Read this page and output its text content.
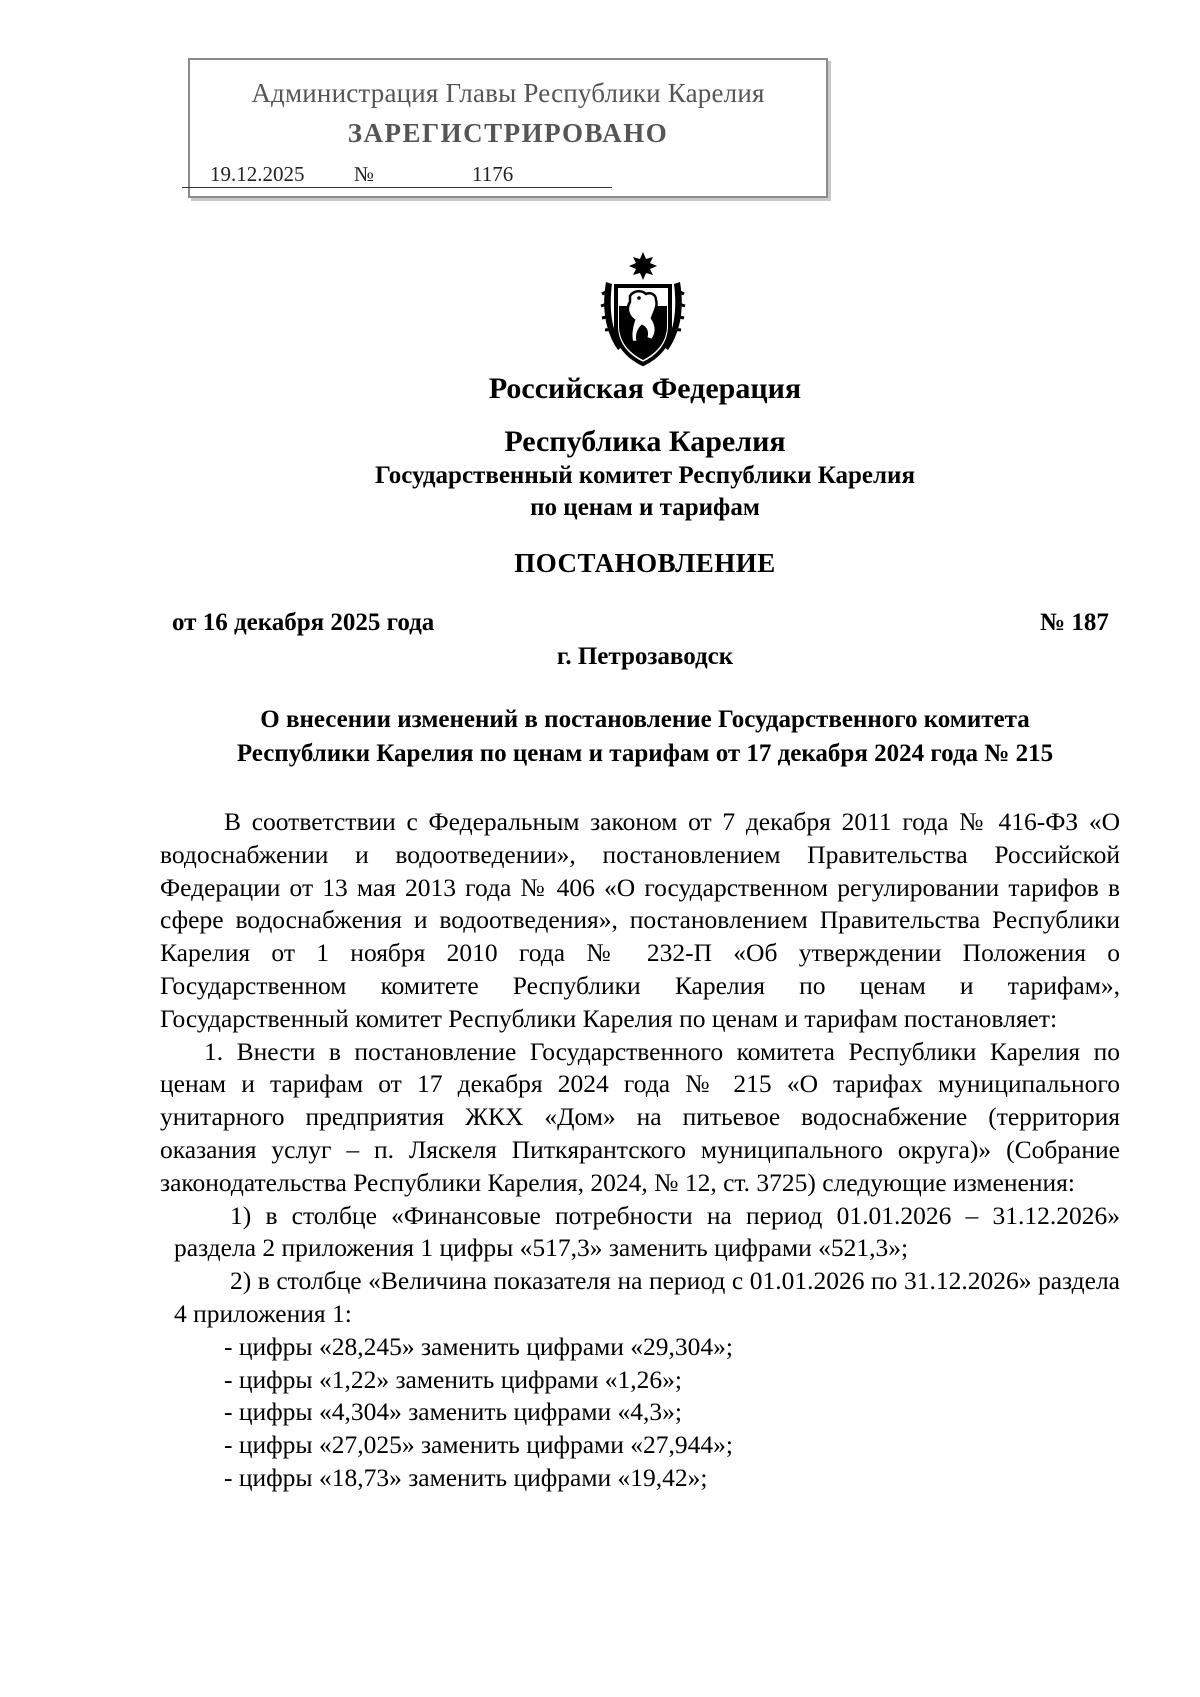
Администрация Главы Республики Карелия
ЗАРЕГИСТРИРОВАНО
19.12.2025 №	1176
Российская Федерация
Республика Карелия
Государственный комитет Республики Карелия
по ценам и тарифам
ПОСТАНОВЛЕНИЕ
от 16 декабря 2025 года	№ 187
г. Петрозаводск
О внесении изменений в постановление Государственного комитета
Республики Карелия по ценам и тарифам от 17 декабря 2024 года № 215

В соответствии с Федеральным законом от 7 декабря 2011 года № 416-ФЗ «О водоснабжении и водоотведении», постановлением Правительства Российской Федерации от 13 мая 2013 года № 406 «О государственном регулировании тарифов в сфере водоснабжения и водоотведения», постановлением Правительства Республики Карелия от 1 ноября 2010 года № 232-П «Об утверждении Положения о Государственном комитете Республики Карелия по ценам и тарифам», Государственный комитет Республики Карелия по ценам и тарифам постановляет:

1. Внести в постановление Государственного комитета Республики Карелия по ценам и тарифам от 17 декабря 2024 года № 215 «О тарифах муниципального унитарного предприятия ЖКХ «Дом» на питьевое водоснабжение (территория оказания услуг – п. Ляскеля Питкярантского муниципального округа)» (Собрание законодательства Республики Карелия, 2024, № 12, ст. 3725) следующие изменения:

1) в столбце «Финансовые потребности на период 01.01.2026 – 31.12.2026» раздела 2 приложения 1 цифры «517,3» заменить цифрами «521,3»;

2) в столбце «Величина показателя на период с 01.01.2026 по 31.12.2026» раздела 4 приложения 1:

- цифры «28,245» заменить цифрами «29,304»;

- цифры «1,22» заменить цифрами «1,26»;

- цифры «4,304» заменить цифрами «4,3»;

- цифры «27,025» заменить цифрами «27,944»;

- цифры «18,73» заменить цифрами «19,42»;
